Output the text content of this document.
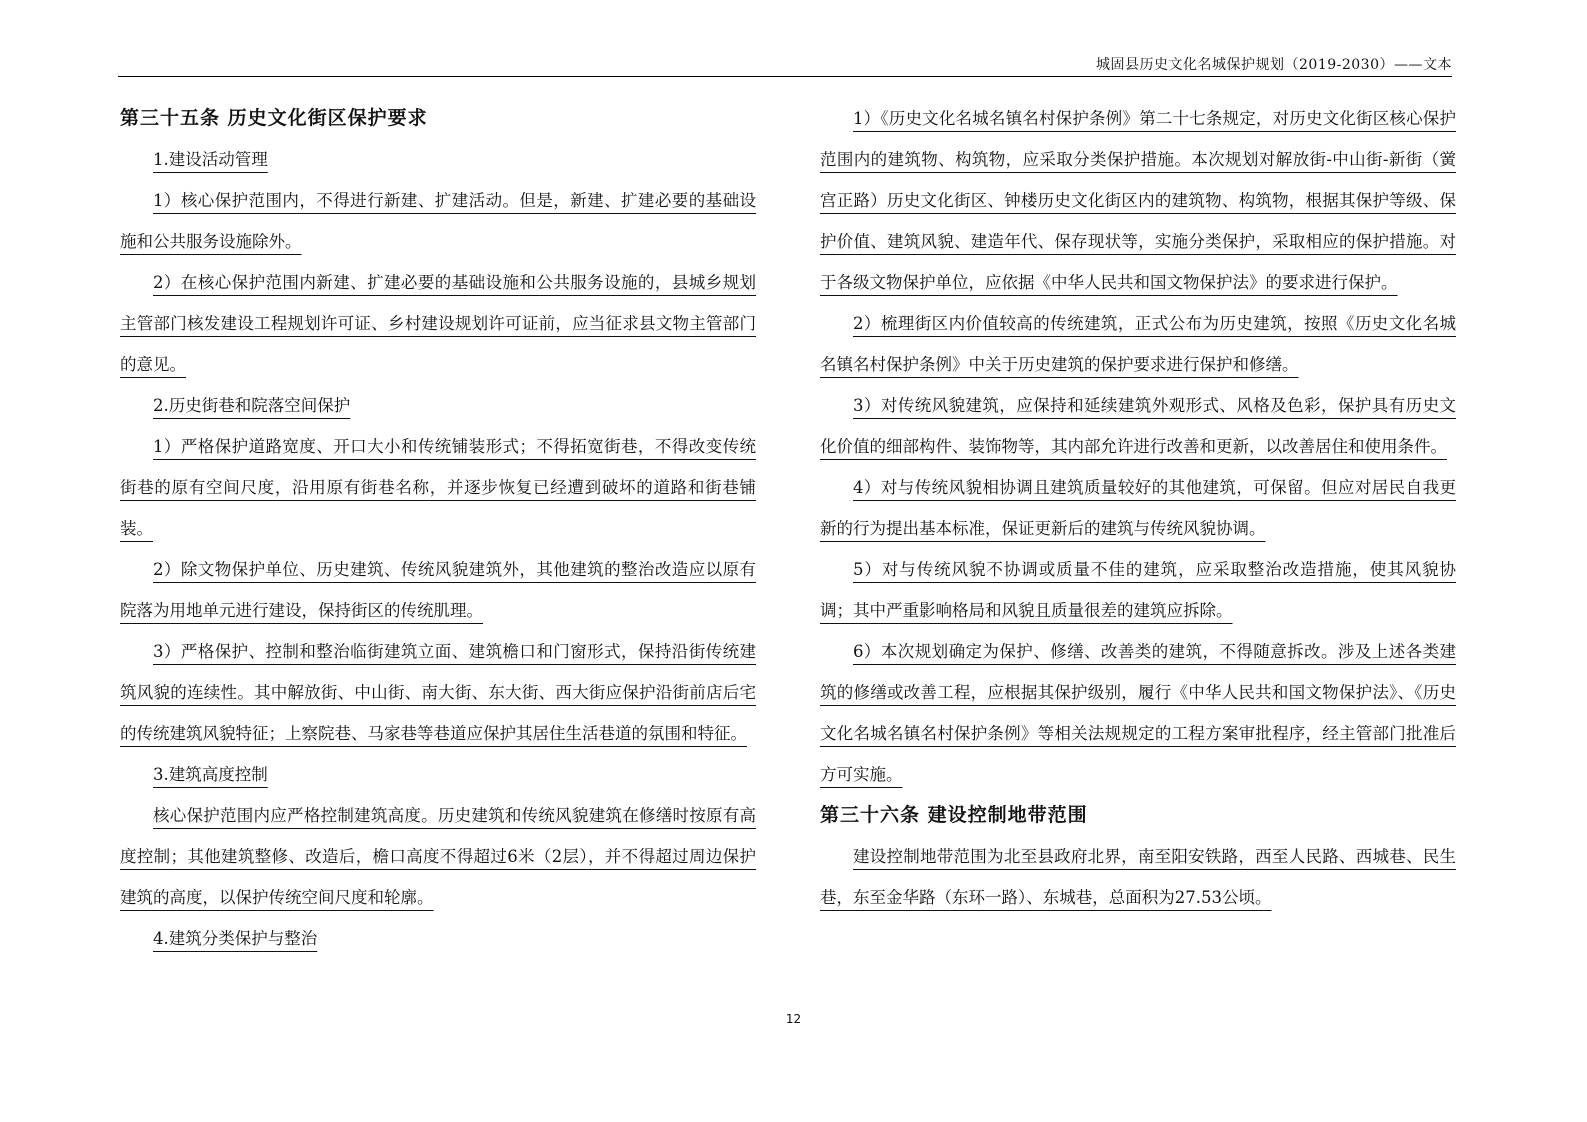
城固县历史文化名城保护规划（2019-2030）——文本
第三十五条 历史文化街区保护要求

1.建设活动管理

1）核心保护范围内，不得进行新建、扩建活动。但是，新建、扩建必要的基础设施和公共服务设施除外。

2）在核心保护范围内新建、扩建必要的基础设施和公共服务设施的，县城乡规划主管部门核发建设工程规划许可证、乡村建设规划许可证前，应当征求县文物主管部门的意见。

2.历史街巷和院落空间保护

1）严格保护道路宽度、开口大小和传统铺装形式；不得拓宽街巷，不得改变传统街巷的原有空间尺度，沿用原有街巷名称，并逐步恢复已经遭到破坏的道路和街巷铺装。

2）除文物保护单位、历史建筑、传统风貌建筑外，其他建筑的整治改造应以原有院落为用地单元进行建设，保持街区的传统肌理。

3）严格保护、控制和整治临街建筑立面、建筑檐口和门窗形式，保持沿街传统建筑风貌的连续性。其中解放街、中山街、南大街、东大街、西大街应保护沿街前店后宅的传统建筑风貌特征；上察院巷、马家巷等巷道应保护其居住生活巷道的氛围和特征。

3.建筑高度控制

核心保护范围内应严格控制建筑高度。历史建筑和传统风貌建筑在修缮时按原有高度控制；其他建筑整修、改造后，檐口高度不得超过6米（2层），并不得超过周边保护建筑的高度，以保护传统空间尺度和轮廓。

4.建筑分类保护与整治

1）《历史文化名城名镇名村保护条例》第二十七条规定，对历史文化街区核心保护范围内的建筑物、构筑物，应采取分类保护措施。本次规划对解放街-中山街-新街（黉宫正路）历史文化街区、钟楼历史文化街区内的建筑物、构筑物，根据其保护等级、保护价值、建筑风貌、建造年代、保存现状等，实施分类保护，采取相应的保护措施。对于各级文物保护单位，应依据《中华人民共和国文物保护法》的要求进行保护。

2）梳理街区内价值较高的传统建筑，正式公布为历史建筑，按照《历史文化名城名镇名村保护条例》中关于历史建筑的保护要求进行保护和修缮。

3）对传统风貌建筑，应保持和延续建筑外观形式、风格及色彩，保护具有历史文化价值的细部构件、装饰物等，其内部允许进行改善和更新，以改善居住和使用条件。

4）对与传统风貌相协调且建筑质量较好的其他建筑，可保留。但应对居民自我更新的行为提出基本标准，保证更新后的建筑与传统风貌协调。

5）对与传统风貌不协调或质量不佳的建筑，应采取整治改造措施，使其风貌协调；其中严重影响格局和风貌且质量很差的建筑应拆除。

6）本次规划确定为保护、修缮、改善类的建筑，不得随意拆改。涉及上述各类建筑的修缮或改善工程，应根据其保护级别，履行《中华人民共和国文物保护法》、《历史文化名城名镇名村保护条例》等相关法规规定的工程方案审批程序，经主管部门批准后方可实施。

第三十六条 建设控制地带范围

建设控制地带范围为北至县政府北界，南至阳安铁路，西至人民路、西城巷、民生巷，东至金华路（东环一路）、东城巷，总面积为27.53公顷。

12
